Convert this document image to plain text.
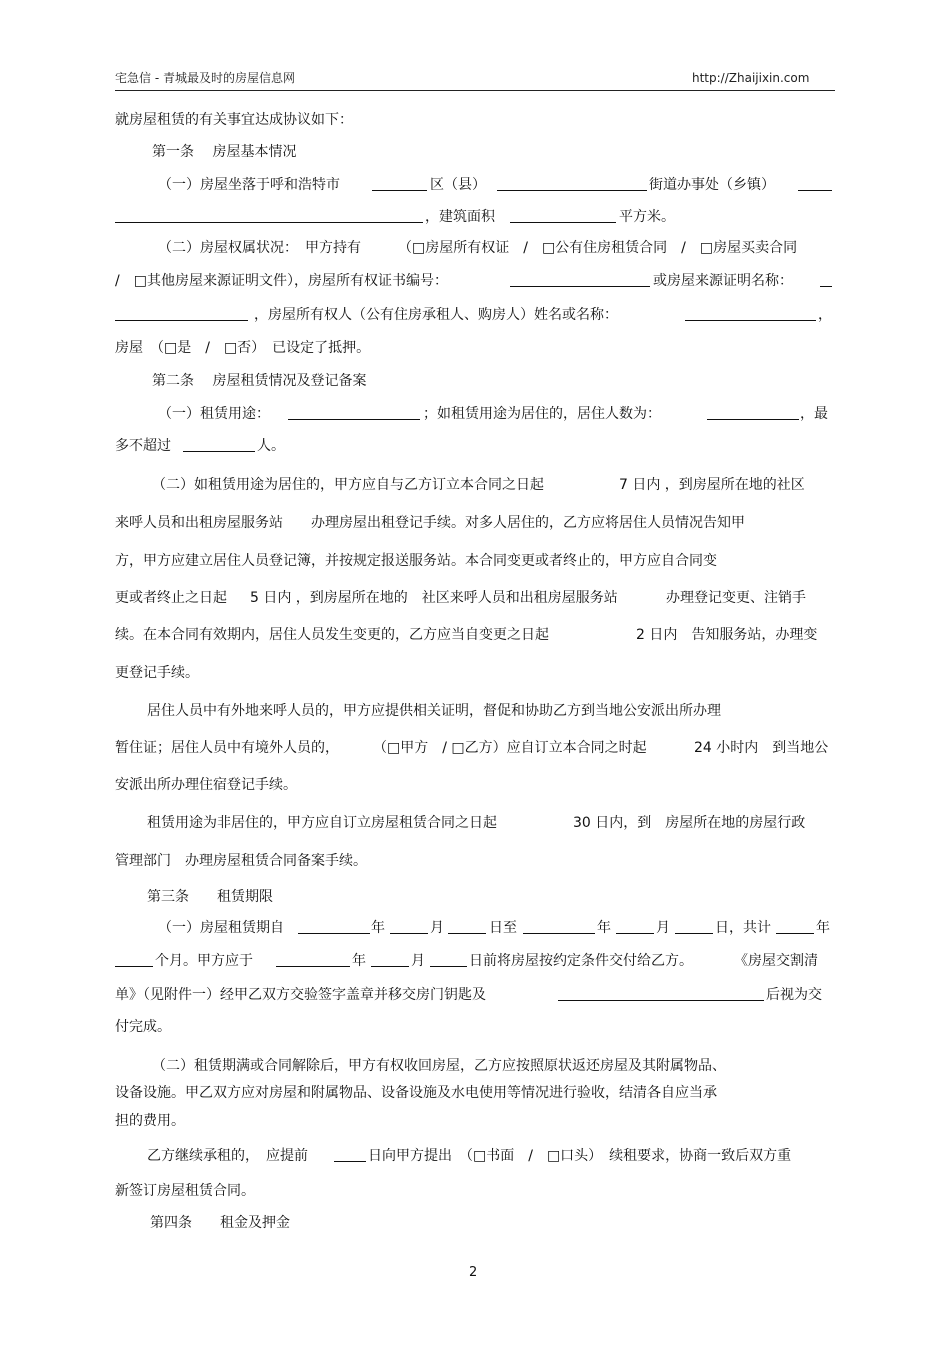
宅急信 - 青城最及时的房屋信息网	http://Zhaijixin.com
就房屋租赁的有关事宜达成协议如下：
第一条　 房屋基本情况
（一）房屋坐落于呼和浩特市	区（县）	街道办事处（乡镇）
，建筑面积	平方米。
（二）房屋权属状况：　甲方持有	（□房屋所有权证　/　□公有住房租赁合同　/　□房屋买卖合同
/　□其他房屋来源证明文件），房屋所有权证书编号：	或房屋来源证明名称：
，房屋所有权人（公有住房承租人、购房人）姓名或名称：	，
房屋　（□是　/　□否）　已设定了抵押。
第二条　 房屋租赁情况及登记备案
（一）租赁用途：	；如租赁用途为居住的，居住人数为：	，最
多不超过	人。
（二）如租赁用途为居住的，甲方应自与乙方订立本合同之日起	7 日内 ，到房屋所在地的社区
来呼人员和出租房屋服务站　　办理房屋出租登记手续。对多人居住的，乙方应将居住人员情况告知甲
方，甲方应建立居住人员登记簿，并按规定报送服务站。本合同变更或者终止的，甲方应自合同变
更或者终止之日起 5 日内 ，到房屋所在地的　社区来呼人员和出租房屋服务站	办理登记变更、注销手
续。在本合同有效期内，居住人员发生变更的，乙方应当自变更之日起	2 日内　告知服务站，办理变
更登记手续。
居住人员中有外地来呼人员的，甲方应提供相关证明，督促和协助乙方到当地公安派出所办理
暂住证；居住人员中有境外人员的， （□甲方　/ □乙方）应自订立本合同之时起	24 小时内　到当地公
安派出所办理住宿登记手续。
租赁用途为非居住的，甲方应自订立房屋租赁合同之日起	30 日内，到　房屋所在地的房屋行政
管理部门　办理房屋租赁合同备案手续。
第三条　　租赁期限
（一）房屋租赁期自	年	月	日至	年	月	日，共计	年
个月。甲方应于	年	月	日前将房屋按约定条件交付给乙方。	《房屋交割清
单》（见附件一）经甲乙双方交验签字盖章并移交房门钥匙及	后视为交
付完成。
（二）租赁期满或合同解除后，甲方有权收回房屋，乙方应按照原状返还房屋及其附属物品、
设备设施。甲乙双方应对房屋和附属物品、设备设施及水电使用等情况进行验收，结清各自应当承
担的费用。
乙方继续承租的，　应提前	日向甲方提出　（□书面　/　□口头）　续租要求，协商一致后双方重
新签订房屋租赁合同。
第四条　　租金及押金
2
